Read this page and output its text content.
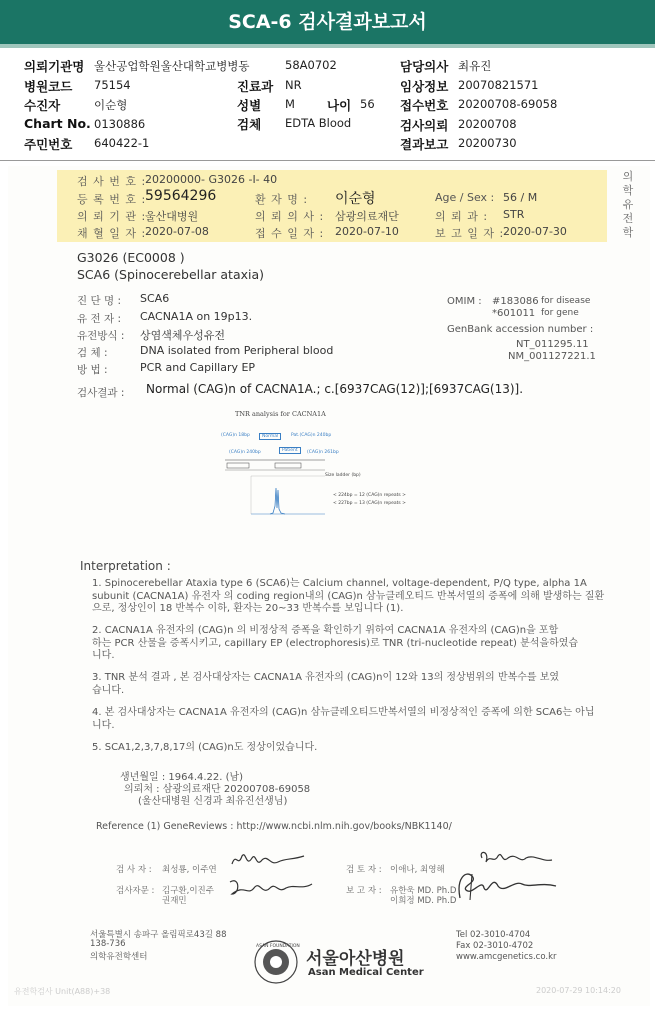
SCA-6 검사결과보고서
의뢰기관명 울산공업학원울산대학교병병동	58A0702	담당의사 최유진
병원코드 75154	진료과 NR	임상정보 20070821571
수진자	이순형	성별 M	나이 56 접수번호 20200708-69058
Chart No. 0130886	검체 EDTA Blood	검사의뢰 20200708
주민번호 640422-1	결과보고 20200730
검 사 번 호 :
20200000- G3026 -I- 40
등 록 번 호 :
59564296	환 자 명 : 이순형	Age / Sex : 56 / M
의 뢰 기 관 :
울산대병원	의 뢰 의 사 : 삼광의료재단	의 뢰 과 : STR
채 혈 일 자 :
2020-07-08	접 수 일 자 : 2020-07-10	보 고 일 자 :
2020-07-30
의
학
유
전
학
G3026 (EC0008 )
SCA6 (Spinocerebellar ataxia)
진 단 명 : SCA6
유 전 자 : CACNA1A on 19p13.
유전방식 : 상염색체우성유전
검 체 :	DNA isolated from Peripheral blood
방 법 :	PCR and Capillary EP
OMIM : #183086 for disease
*601011 for gene
GenBank accession number :
NT_011295.11
NM_001127221.1
검사결과 : Normal (CAG)n of CACNA1A.; c.[6937CAG(12)];[6937CAG(13)].
TNR analysis for CACNA1A
(CAG)n 18bp	Normal	Pat.(CAG)n 240bp
(CAG)n 240bp	Patient	(CAG)n 261bp
Size ladder (bp)
< 224bp = 12 (CAG)n repeats >
< 227bp = 13 (CAG)n repeats >
Interpretation :
1. Spinocerebellar Ataxia type 6 (SCA6)는 Calcium channel, voltage-dependent, P/Q type, alpha 1A
subunit (CACNA1A) 유전자 의 coding region내의 (CAG)n 삼뉴클레오티드 반복서열의 증폭에 의해 발생하는 질환
으로, 정상인이 18 반복수 이하, 환자는 20~33 반복수를 보입니다 (1).
2. CACNA1A 유전자의 (CAG)n 의 비정상적 증폭을 확인하기 위하여 CACNA1A 유전자의 (CAG)n을 포함
하는 PCR 산물을 증폭시키고, capillary EP (electrophoresis)로 TNR (tri-nucleotide repeat) 분석을하였습
니다.
3. TNR 분석 결과 , 본 검사대상자는 CACNA1A 유전자의 (CAG)n이 12와 13의 정상범위의 반복수를 보였
습니다.
4. 본 검사대상자는 CACNA1A 유전자의 (CAG)n 삼뉴클레오티드반복서열의 비정상적인 증폭에 의한 SCA6는 아닙
니다.
5. SCA1,2,3,7,8,17의 (CAG)n도 정상이었습니다.
생년월일 : 1964.4.22. (남)
의뢰처 : 삼광의료재단 20200708-69058
(울산대병원 신경과 최유진선생님)
Reference (1) GeneReviews : http://www.ncbi.nlm.nih.gov/books/NBK1140/
검 사 자 : 최성룡, 이주연	검 토 자 : 이애나, 최영해
검사자문 : 김구환,이진주
권재민
보 고 자 : 유한욱 MD. Ph.D
이희정 MD. Ph.D
서울특별시 송파구 올림픽로43길 88
138-736
의학유전학센터
ASAN FOUNDATION
서울아산병원
Asan Medical Center
Tel 02-3010-4704
Fax 02-3010-4702
www.amcgenetics.co.kr
유전학검사 Unit(A88)+38	2020-07-29 10:14:20
